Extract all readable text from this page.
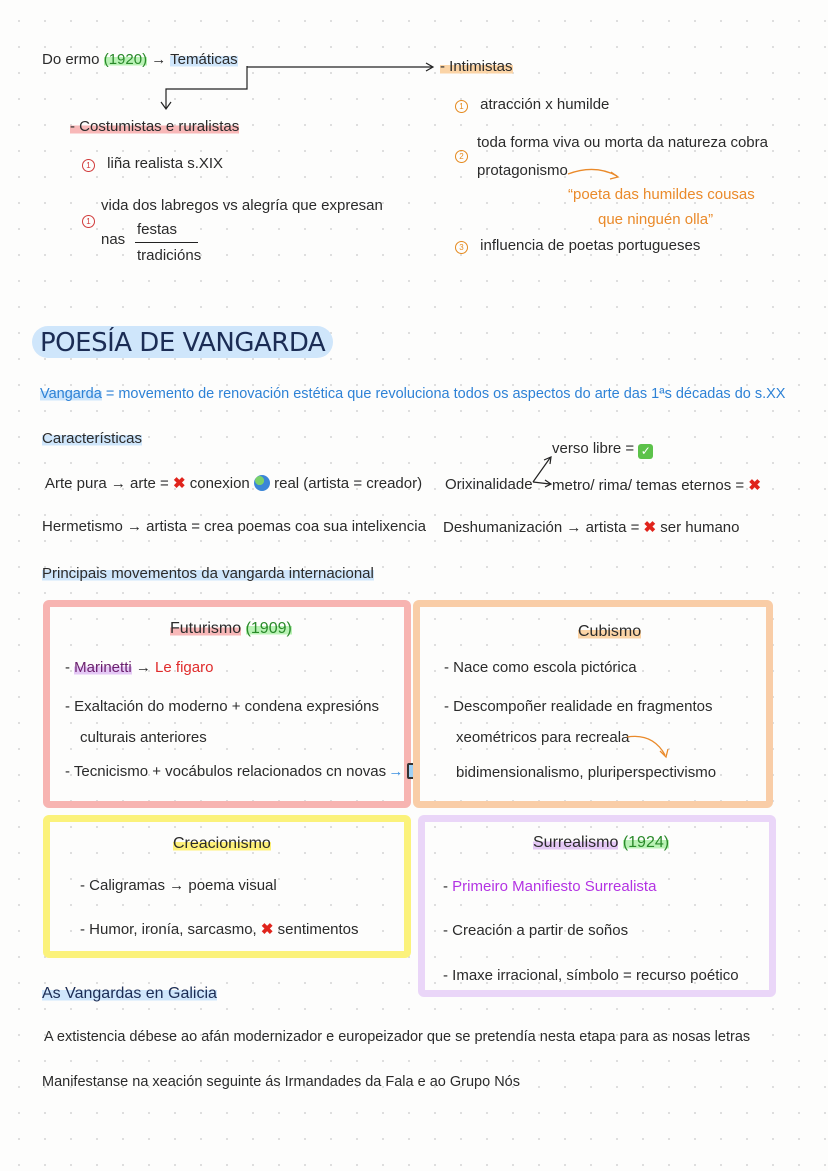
Do ermo (1920) → Temáticas	- Intimistas
- Costumistas e ruralistas
1 liña realista s.XIX
1
vida dos labregos vs alegría que expresan
nas
festas
tradicións
1 atracción x humilde
2
toda forma viva ou morta da natureza cobra
protagonismo
“poeta das humildes cousas
que ninguén olla”
3 influencia de poetas portugueses
POESÍA DE VANGARDA
Vangarda = movemento de renovación estética que revoluciona todos os aspectos do arte das 1ªs décadas do s.XX
Características
Arte pura → arte = ✖ conexion real (artista = creador) Orixinalidade
verso libre = ✓
metro/ rima/ temas eternos = ✖
Hermetismo → artista = crea poemas coa sua intelixencia Deshumanización → artista = ✖ ser humano
Principais movementos da vangarda internacional
Futurismo (1909)
- Marinetti → Le figaro
- Exaltación do moderno + condena expresións
culturais anteriores
- Tecnicismo + vocábulos relacionados cn novas →
Cubismo
- Nace como escola pictórica
- Descompoñer realidade en fragmentos
xeométricos para recreala
bidimensionalismo, pluriperspectivismo
Creacionismo
- Caligramas → poema visual
- Humor, ironía, sarcasmo, ✖ sentimentos
Surrealismo (1924)
- Primeiro Manifiesto Surrealista
- Creación a partir de soños
- Imaxe irracional, símbolo = recurso poético
As Vangardas en Galicia
A extistencia débese ao afán modernizador e europeizador que se pretendía nesta etapa para as nosas letras
Manifestanse na xeación seguinte ás Irmandades da Fala e ao Grupo Nós
